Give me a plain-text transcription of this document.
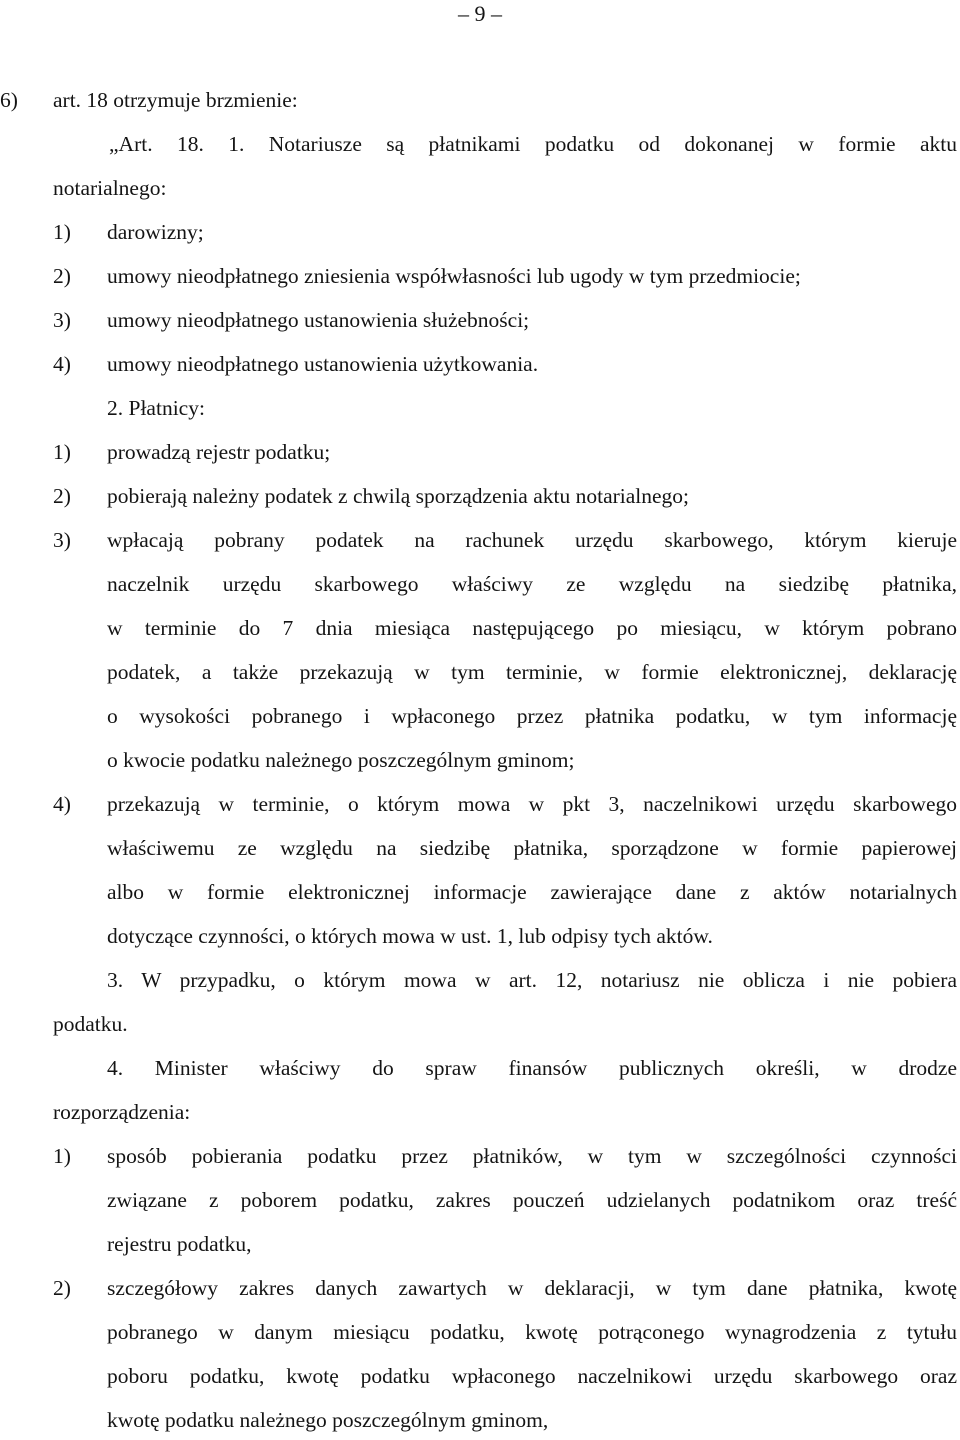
– 9 –
6) art. 18 otrzymuje brzmienie:
„Art. 18. 1. Notariusze są płatnikami podatku od dokonanej w formie aktu
notarialnego:
1) darowizny;
2) umowy nieodpłatnego zniesienia współwłasności lub ugody w tym przedmiocie;
3) umowy nieodpłatnego ustanowienia służebności;
4) umowy nieodpłatnego ustanowienia użytkowania.
2. Płatnicy:
1) prowadzą rejestr podatku;
2) pobierają należny podatek z chwilą sporządzenia aktu notarialnego;
3) wpłacają pobrany podatek na rachunek urzędu skarbowego, którym kieruje
naczelnik urzędu skarbowego właściwy ze względu na siedzibę płatnika,
w terminie do 7 dnia miesiąca następującego po miesiącu, w którym pobrano
podatek, a także przekazują w tym terminie, w formie elektronicznej, deklarację
o wysokości pobranego i wpłaconego przez płatnika podatku, w tym informację
o kwocie podatku należnego poszczególnym gminom;
4) przekazują w terminie, o którym mowa w pkt 3, naczelnikowi urzędu skarbowego
właściwemu ze względu na siedzibę płatnika, sporządzone w formie papierowej
albo w formie elektronicznej informacje zawierające dane z aktów notarialnych
dotyczące czynności, o których mowa w ust. 1, lub odpisy tych aktów.
3. W przypadku, o którym mowa w art. 12, notariusz nie oblicza i nie pobiera
podatku.
4. Minister właściwy do spraw finansów publicznych określi, w drodze
rozporządzenia:
1) sposób pobierania podatku przez płatników, w tym w szczególności czynności
związane z poborem podatku, zakres pouczeń udzielanych podatnikom oraz treść
rejestru podatku,
2) szczegółowy zakres danych zawartych w deklaracji, w tym dane płatnika, kwotę
pobranego w danym miesiącu podatku, kwotę potrąconego wynagrodzenia z tytułu
poboru podatku, kwotę podatku wpłaconego naczelnikowi urzędu skarbowego oraz
kwotę podatku należnego poszczególnym gminom,
